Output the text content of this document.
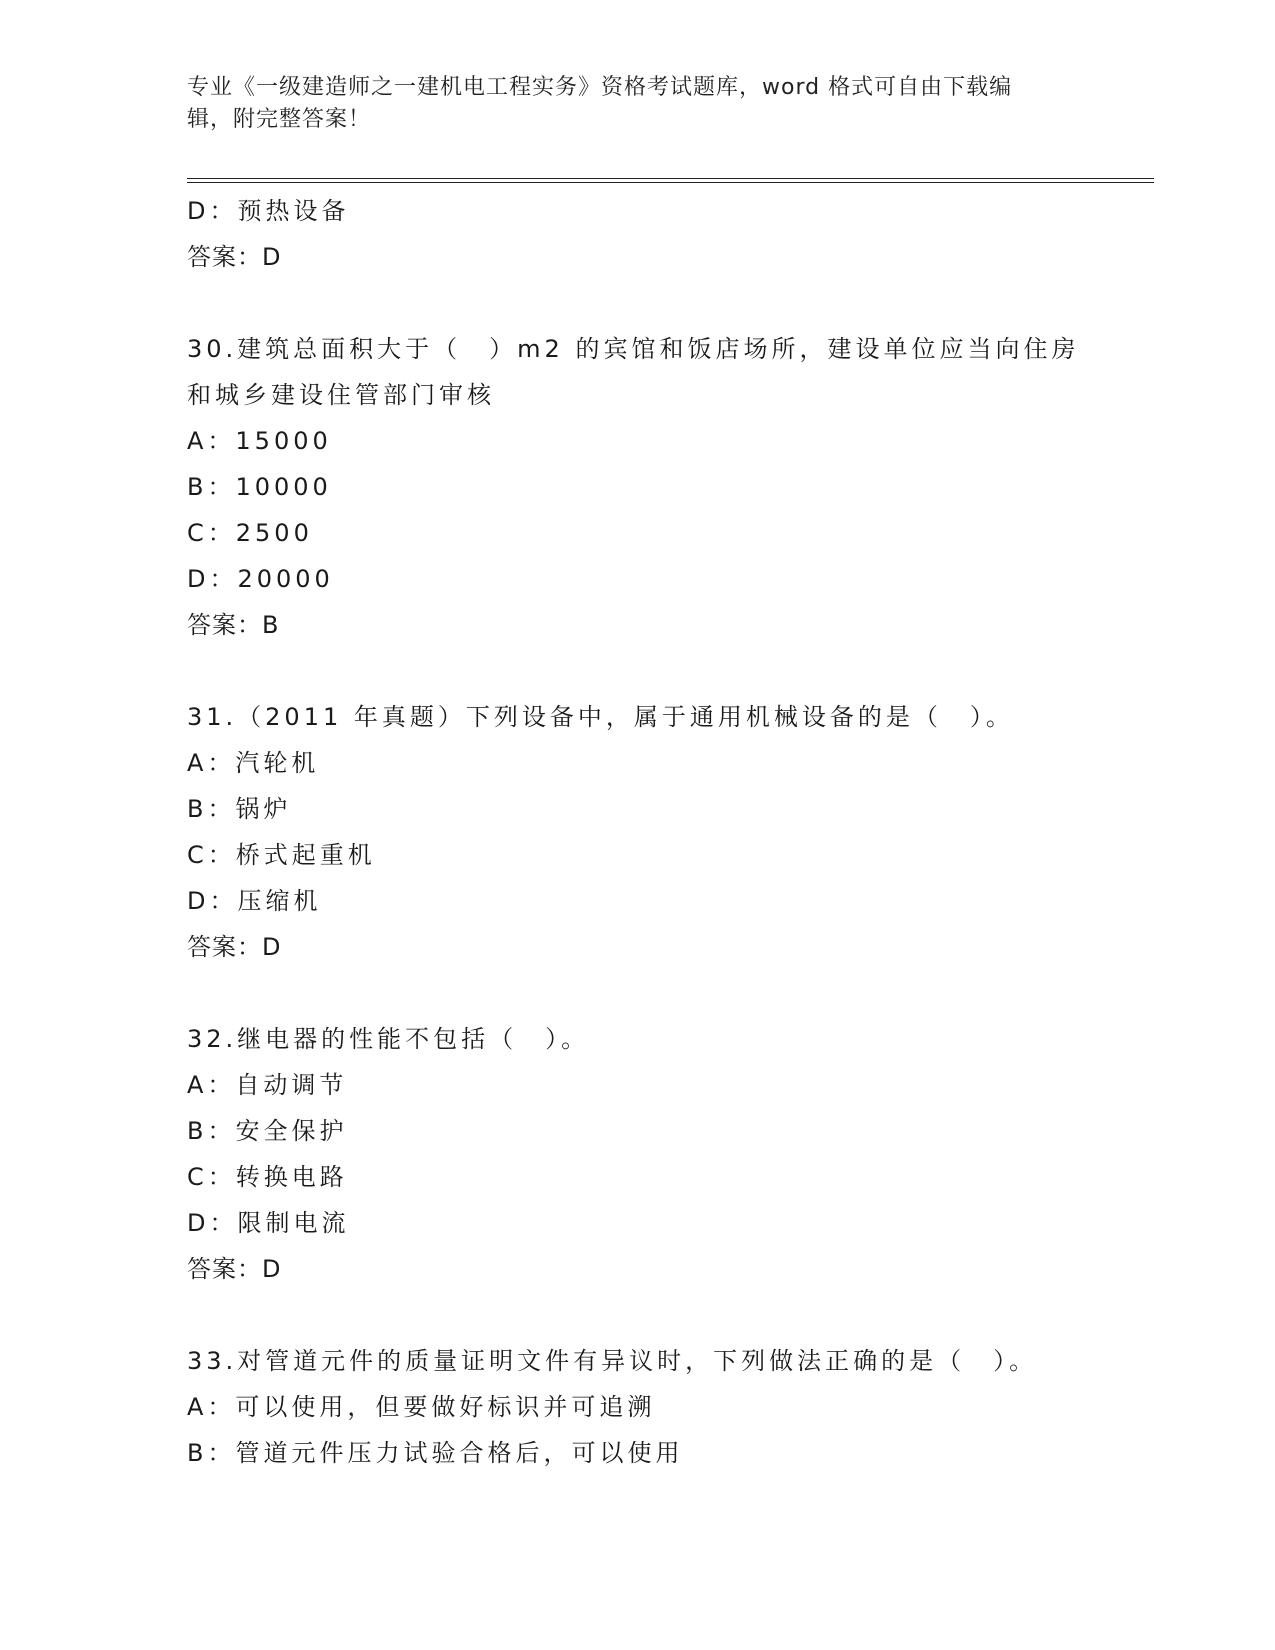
专业《一级建造师之一建机电工程实务》资格考试题库，word 格式可自由下载编
辑，附完整答案！
D：预热设备
答案：D
30.建筑总面积大于（　）m2 的宾馆和饭店场所，建设单位应当向住房
和城乡建设住管部门审核
A：15000
B：10000
C：2500
D：20000
答案：B
31.（2011 年真题）下列设备中，属于通用机械设备的是（　）。
A：汽轮机
B：锅炉
C：桥式起重机
D：压缩机
答案：D
32.继电器的性能不包括（　）。
A：自动调节
B：安全保护
C：转换电路
D：限制电流
答案：D
33.对管道元件的质量证明文件有异议时，下列做法正确的是（　）。
A：可以使用，但要做好标识并可追溯
B：管道元件压力试验合格后，可以使用
